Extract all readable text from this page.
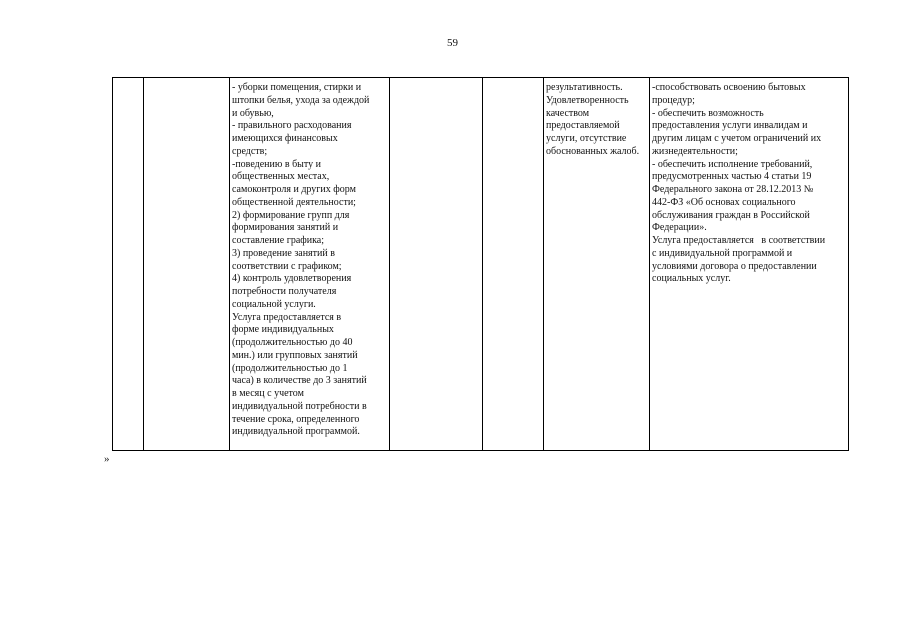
59
		- уборки помещения, стирки и
штопки белья, ухода за одеждой
и обувью,
- правильного расходования
имеющихся финансовых
средств;
-поведению в быту и
общественных местах,
самоконтроля и других форм
общественной деятельности;
2) формирование групп для
формирования занятий и
составление графика;
3) проведение занятий в
соответствии с графиком;
4) контроль удовлетворения
потребности получателя
социальной услуги.
Услуга предоставляется в
форме индивидуальных
(продолжительностью до 40
мин.) или групповых занятий
(продолжительностью до 1
часа) в количестве до 3 занятий
в месяц с учетом
индивидуальной потребности в
течение срока, определенного
индивидуальной программой.			результативность.
Удовлетворенность
качеством
предоставляемой
услуги, отсутствие
обоснованных жалоб.	-способствовать освоению бытовых
процедур;
- обеспечить возможность
предоставления услуги инвалидам и
другим лицам с учетом ограничений их
жизнедеятельности;
- обеспечить исполнение требований,
предусмотренных частью 4 статьи 19
Федерального закона от 28.12.2013 №
442-ФЗ «Об основах социального
обслуживания граждан в Российской
Федерации».
Услуга предоставляется   в соответствии
с индивидуальной программой и
условиями договора о предоставлении
социальных услуг.
»
